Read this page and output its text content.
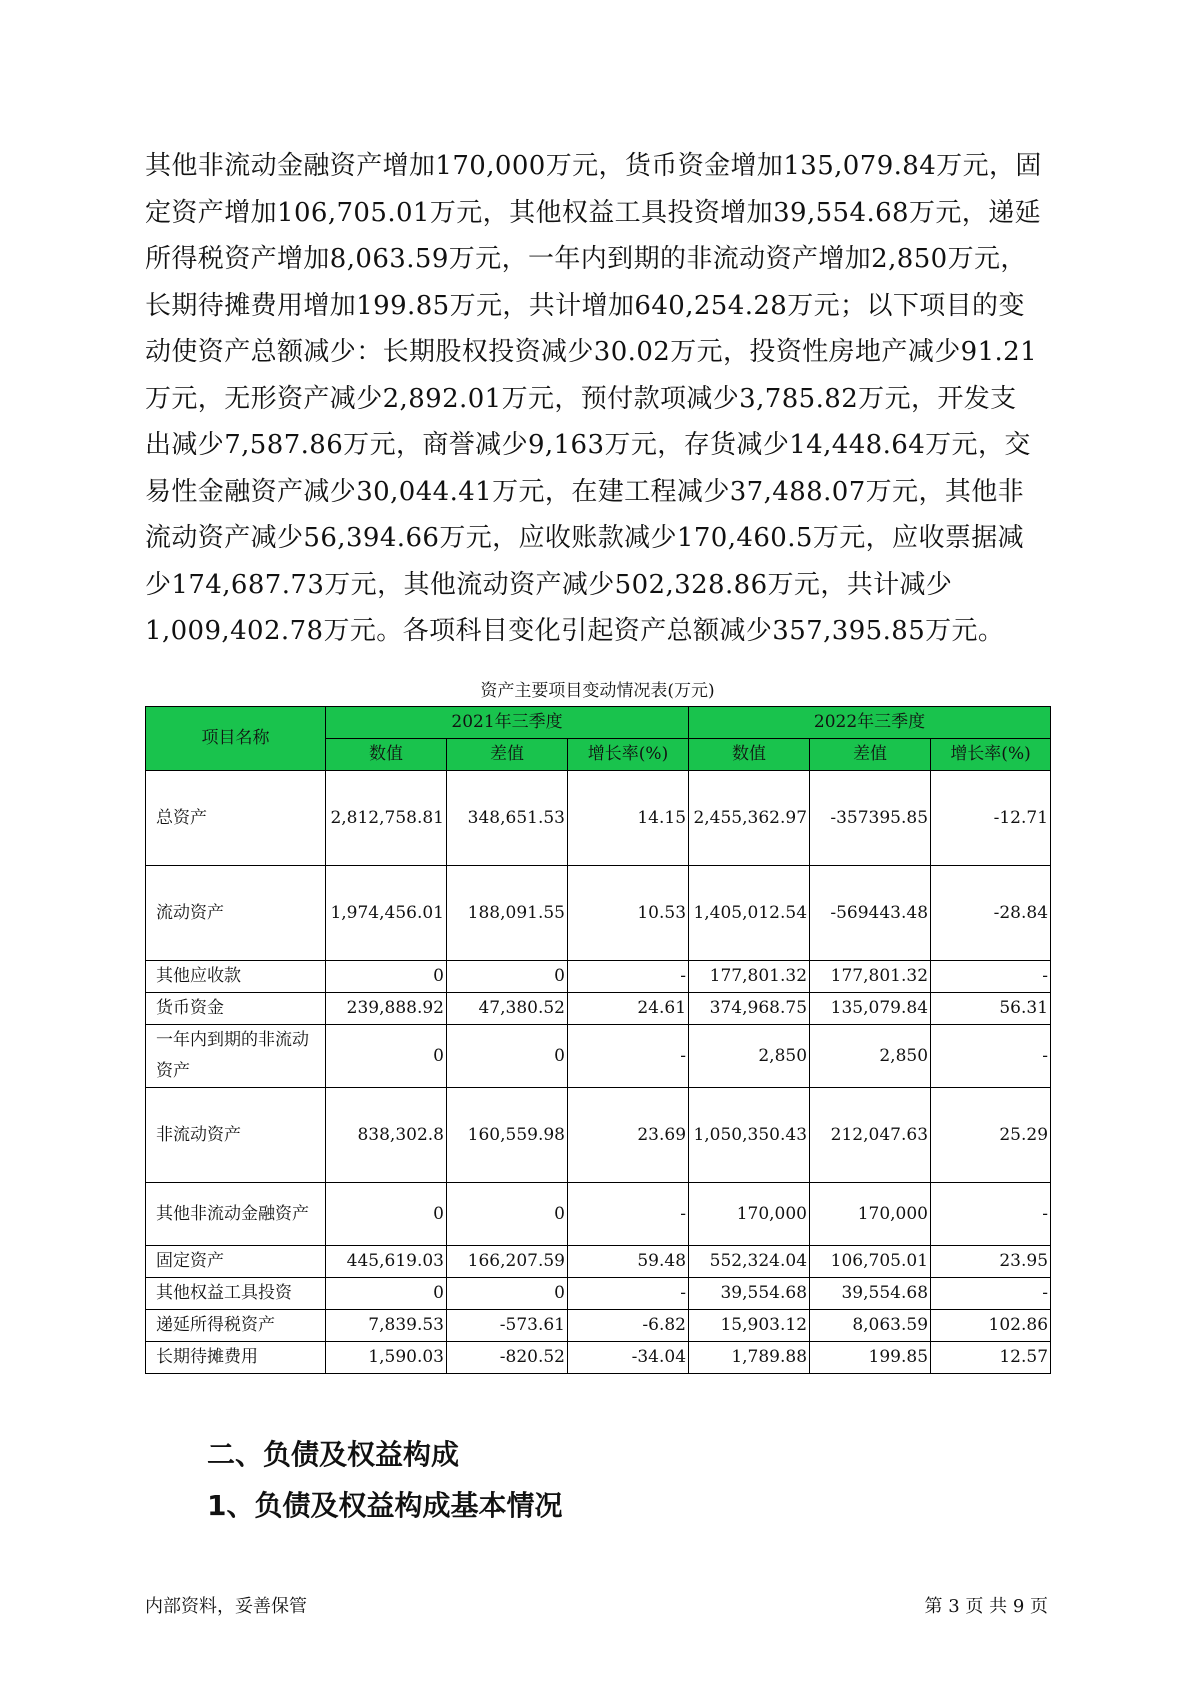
其他非流动金融资产增加170,000万元，货币资金增加135,079.84万元，固
定资产增加106,705.01万元，其他权益工具投资增加39,554.68万元，递延
所得税资产增加8,063.59万元，一年内到期的非流动资产增加2,850万元，
长期待摊费用增加199.85万元，共计增加640,254.28万元；以下项目的变
动使资产总额减少：长期股权投资减少30.02万元，投资性房地产减少91.21
万元，无形资产减少2,892.01万元，预付款项减少3,785.82万元，开发支
出减少7,587.86万元，商誉减少9,163万元，存货减少14,448.64万元，交
易性金融资产减少30,044.41万元，在建工程减少37,488.07万元，其他非
流动资产减少56,394.66万元，应收账款减少170,460.5万元，应收票据减
少174,687.73万元，其他流动资产减少502,328.86万元，共计减少
1,009,402.78万元。各项科目变化引起资产总额减少357,395.85万元。

资产主要项目变动情况表(万元)

项目名称	2021年三季度			2022年三季度		
	数值	差值	增长率(%)	数值	差值	增长率(%)
总资产	2,812,758.81	348,651.53	14.15	2,455,362.97	-357395.85	-12.71
流动资产	1,974,456.01	188,091.55	10.53	1,405,012.54	-569443.48	-28.84
其他应收款	0	0	-	177,801.32	177,801.32	-
货币资金	239,888.92	47,380.52	24.61	374,968.75	135,079.84	56.31
一年内到期的非流动资产	0	0	-	2,850	2,850	-
非流动资产	838,302.8	160,559.98	23.69	1,050,350.43	212,047.63	25.29
其他非流动金融资产	0	0	-	170,000	170,000	-
固定资产	445,619.03	166,207.59	59.48	552,324.04	106,705.01	23.95
其他权益工具投资	0	0	-	39,554.68	39,554.68	-
递延所得税资产	7,839.53	-573.61	-6.82	15,903.12	8,063.59	102.86
长期待摊费用	1,590.03	-820.52	-34.04	1,789.88	199.85	12.57
二、负债及权益构成
1、负债及权益构成基本情况

内部资料，妥善保管	第 3 页 共 9 页
